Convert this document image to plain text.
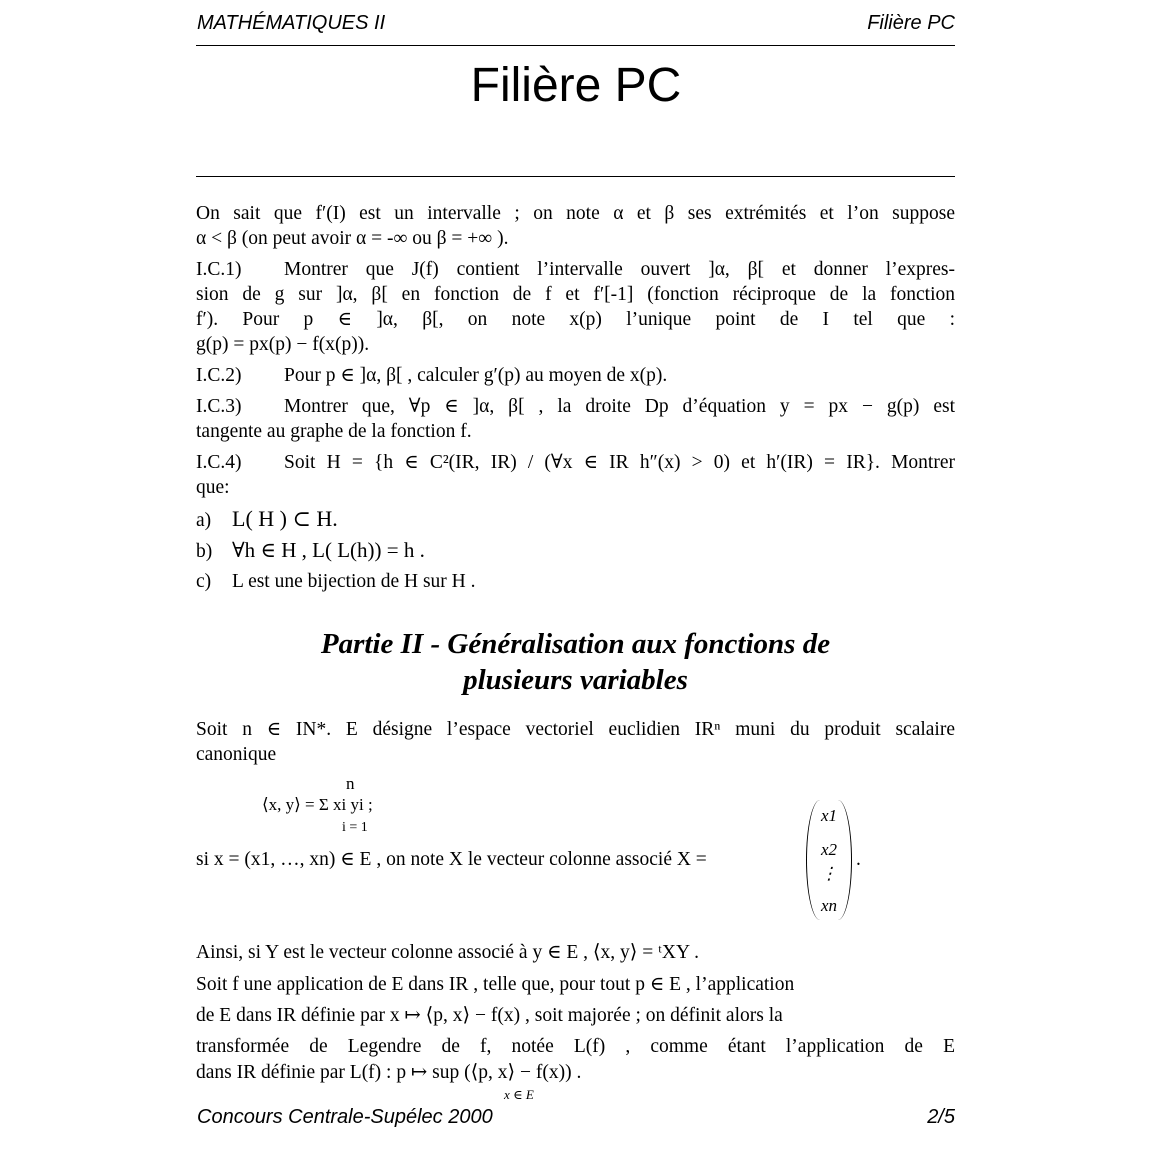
MATHÉMATIQUES II	Filière PC
Filière PC
On sait que f′(I) est un intervalle ; on note α et β ses extrémités et l’on suppose
α < β (on peut avoir α = -∞ ou β = +∞ ).
I.C.1) Montrer que J(f) contient l’intervalle ouvert ]α, β[ et donner l’expres-
sion de g sur ]α, β[ en fonction de f et f′[-1] (fonction réciproque de la fonction
f′). Pour p ∈ ]α, β[, on note x(p) l’unique point de I tel que :
g(p) = px(p) − f(x(p)).
I.C.2) Pour p ∈ ]α, β[ , calculer g′(p) au moyen de x(p).
I.C.3) Montrer que, ∀p ∈ ]α, β[ , la droite Dp d’équation y = px − g(p) est
tangente au graphe de la fonction f.
I.C.4) Soit H = {h ∈ C²(IR, IR) / (∀x ∈ IR h″(x) > 0) et h′(IR) = IR}. Montrer
que:
a) L( H ) ⊂ H.
b) ∀h ∈ H , L( L(h)) = h .
c) L est une bijection de H sur H .
Partie II - Généralisation aux fonctions de
plusieurs variables
Soit n ∈ IN*. E désigne l’espace vectoriel euclidien IRⁿ muni du produit scalaire
canonique
n
⟨x, y⟩ = Σ xi yi ;
i = 1
si x = (x1, …, xn) ∈ E , on note X le vecteur colonne associé X =
x1
x2
⋮
xn
.
Ainsi, si Y est le vecteur colonne associé à y ∈ E , ⟨x, y⟩ = ᵗXY .
Soit f une application de E dans IR , telle que, pour tout p ∈ E , l’application
de E dans IR définie par x ↦ ⟨p, x⟩ − f(x) , soit majorée ; on définit alors la
transformée de Legendre de f, notée L(f) , comme étant l’application de E
dans IR définie par L(f) : p ↦ sup (⟨p, x⟩ − f(x)) .
x ∈ E
Concours Centrale-Supélec 2000	2/5
